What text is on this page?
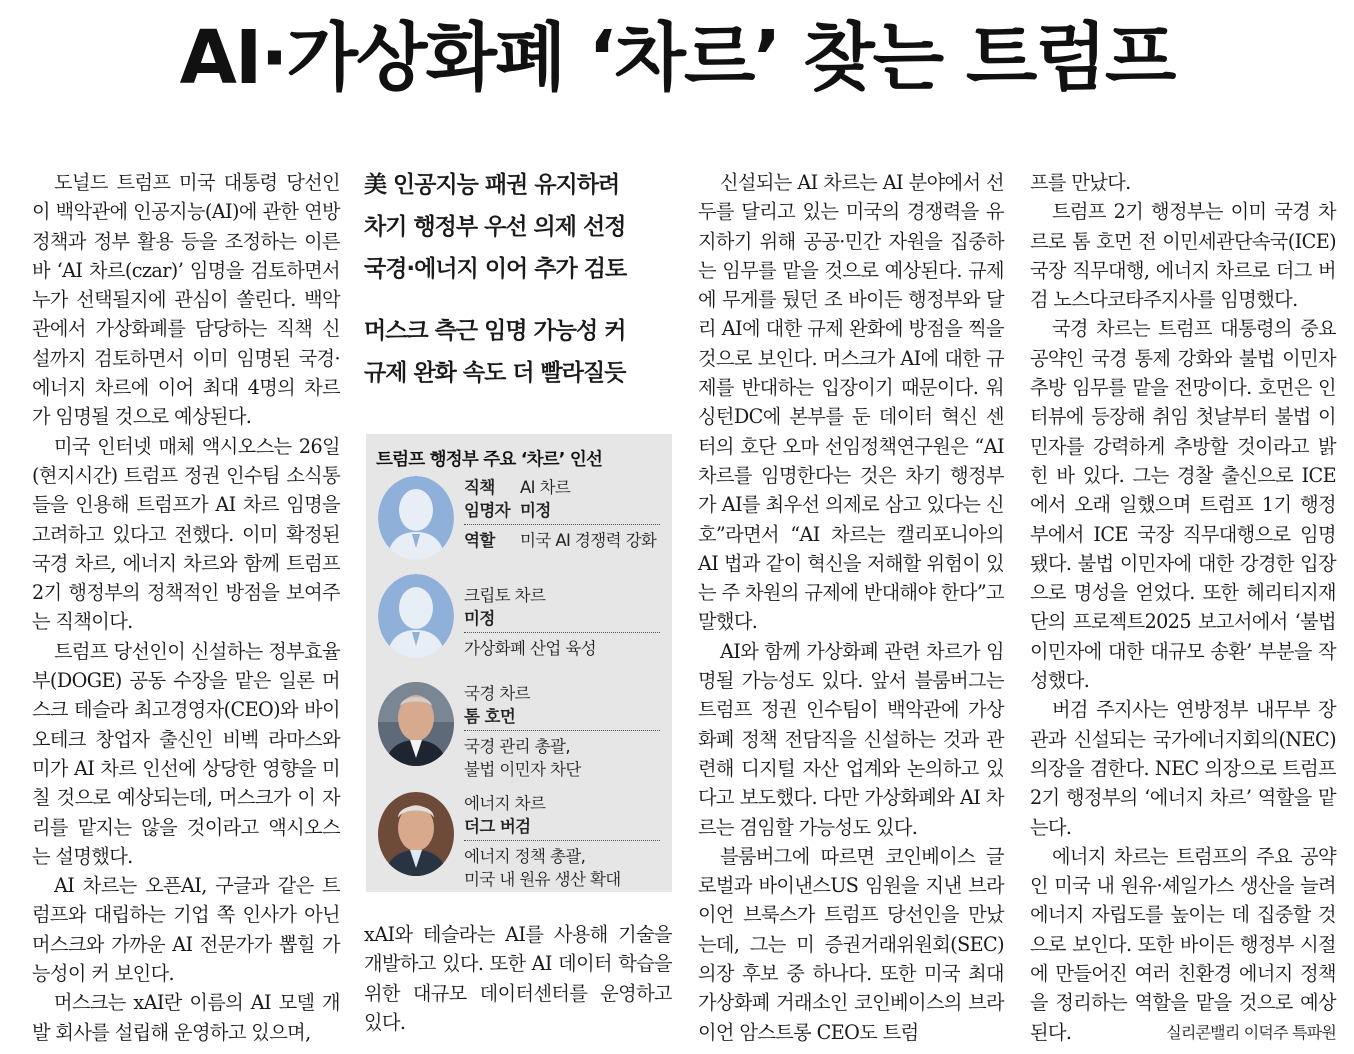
AI·가상화폐 ‘차르’ 찾는 트럼프

도널드 트럼프 미국 대통령 당선인이 백악관에 인공지능(AI)에 관한 연방 정책과 정부 활용 등을 조정하는 이른바 ‘AI 차르(czar)’ 임명을 검토하면서 누가 선택될지에 관심이 쏠린다. 백악관에서 가상화폐를 담당하는 직책 신설까지 검토하면서 이미 임명된 국경·에너지 차르에 이어 최대 4명의 차르가 임명될 것으로 예상된다.

미국 인터넷 매체 액시오스는 26일(현지시간) 트럼프 정권 인수팀 소식통들을 인용해 트럼프가 AI 차르 임명을 고려하고 있다고 전했다. 이미 확정된 국경 차르, 에너지 차르와 함께 트럼프 2기 행정부의 정책적인 방점을 보여주는 직책이다.

트럼프 당선인이 신설하는 정부효율부(DOGE) 공동 수장을 맡은 일론 머스크 테슬라 최고경영자(CEO)와 바이오테크 창업자 출신인 비벡 라마스와미가 AI 차르 인선에 상당한 영향을 미칠 것으로 예상되는데, 머스크가 이 자리를 맡지는 않을 것이라고 액시오스는 설명했다.

AI 차르는 오픈AI, 구글과 같은 트럼프와 대립하는 기업 쪽 인사가 아닌 머스크와 가까운 AI 전문가가 뽑힐 가능성이 커 보인다.

머스크는 xAI란 이름의 AI 모델 개발 회사를 설립해 운영하고 있으며,

美 인공지능 패권 유지하려
차기 행정부 우선 의제 선정
국경·에너지 이어 추가 검토
머스크 측근 임명 가능성 커
규제 완화 속도 더 빨라질듯
트럼프 행정부 주요 ‘차르’ 인선
직책	AI 차르
임명자 미정
역할	미국 AI 경쟁력 강화
크립토 차르
미정
가상화폐 산업 육성
국경 차르
톰 호먼
국경 관리 총괄,
불법 이민자 차단
에너지 차르
더그 버검
에너지 정책 총괄,
미국 내 원유 생산 확대

xAI와 테슬라는 AI를 사용해 기술을 개발하고 있다. 또한 AI 데이터 학습을 위한 대규모 데이터센터를 운영하고 있다.

신설되는 AI 차르는 AI 분야에서 선두를 달리고 있는 미국의 경쟁력을 유지하기 위해 공공·민간 자원을 집중하는 임무를 맡을 것으로 예상된다. 규제에 무게를 뒀던 조 바이든 행정부와 달리 AI에 대한 규제 완화에 방점을 찍을 것으로 보인다. 머스크가 AI에 대한 규제를 반대하는 입장이기 때문이다. 워싱턴DC에 본부를 둔 데이터 혁신 센터의 호단 오마 선임정책연구원은 “AI 차르를 임명한다는 것은 차기 행정부가 AI를 최우선 의제로 삼고 있다는 신호”라면서 “AI 차르는 캘리포니아의 AI 법과 같이 혁신을 저해할 위험이 있는 주 차원의 규제에 반대해야 한다”고 말했다.

AI와 함께 가상화폐 관련 차르가 임명될 가능성도 있다. 앞서 블룸버그는 트럼프 정권 인수팀이 백악관에 가상화폐 정책 전담직을 신설하는 것과 관련해 디지털 자산 업계와 논의하고 있다고 보도했다. 다만 가상화폐와 AI 차르는 겸임할 가능성도 있다.

블룸버그에 따르면 코인베이스 글로벌과 바이낸스US 임원을 지낸 브라이언 브룩스가 트럼프 당선인을 만났는데, 그는 미 증권거래위원회(SEC) 의장 후보 중 하나다. 또한 미국 최대 가상화폐 거래소인 코인베이스의 브라이언 암스트롱 CEO도 트럼

프를 만났다.

트럼프 2기 행정부는 이미 국경 차르로 톰 호먼 전 이민세관단속국(ICE) 국장 직무대행, 에너지 차르로 더그 버검 노스다코타주지사를 임명했다.

국경 차르는 트럼프 대통령의 중요 공약인 국경 통제 강화와 불법 이민자 추방 임무를 맡을 전망이다. 호먼은 인터뷰에 등장해 취임 첫날부터 불법 이민자를 강력하게 추방할 것이라고 밝힌 바 있다. 그는 경찰 출신으로 ICE에서 오래 일했으며 트럼프 1기 행정부에서 ICE 국장 직무대행으로 임명됐다. 불법 이민자에 대한 강경한 입장으로 명성을 얻었다. 또한 헤리티지재단의 프로젝트2025 보고서에서 ‘불법 이민자에 대한 대규모 송환’ 부분을 작성했다.

버검 주지사는 연방정부 내무부 장관과 신설되는 국가에너지회의(NEC) 의장을 겸한다. NEC 의장으로 트럼프 2기 행정부의 ‘에너지 차르’ 역할을 맡는다.

에너지 차르는 트럼프의 주요 공약인 미국 내 원유·셰일가스 생산을 늘려 에너지 자립도를 높이는 데 집중할 것으로 보인다. 또한 바이든 행정부 시절에 만들어진 여러 친환경 에너지 정책을 정리하는 역할을 맡을 것으로 예상된다.	실리콘밸리 이덕주 특파원
